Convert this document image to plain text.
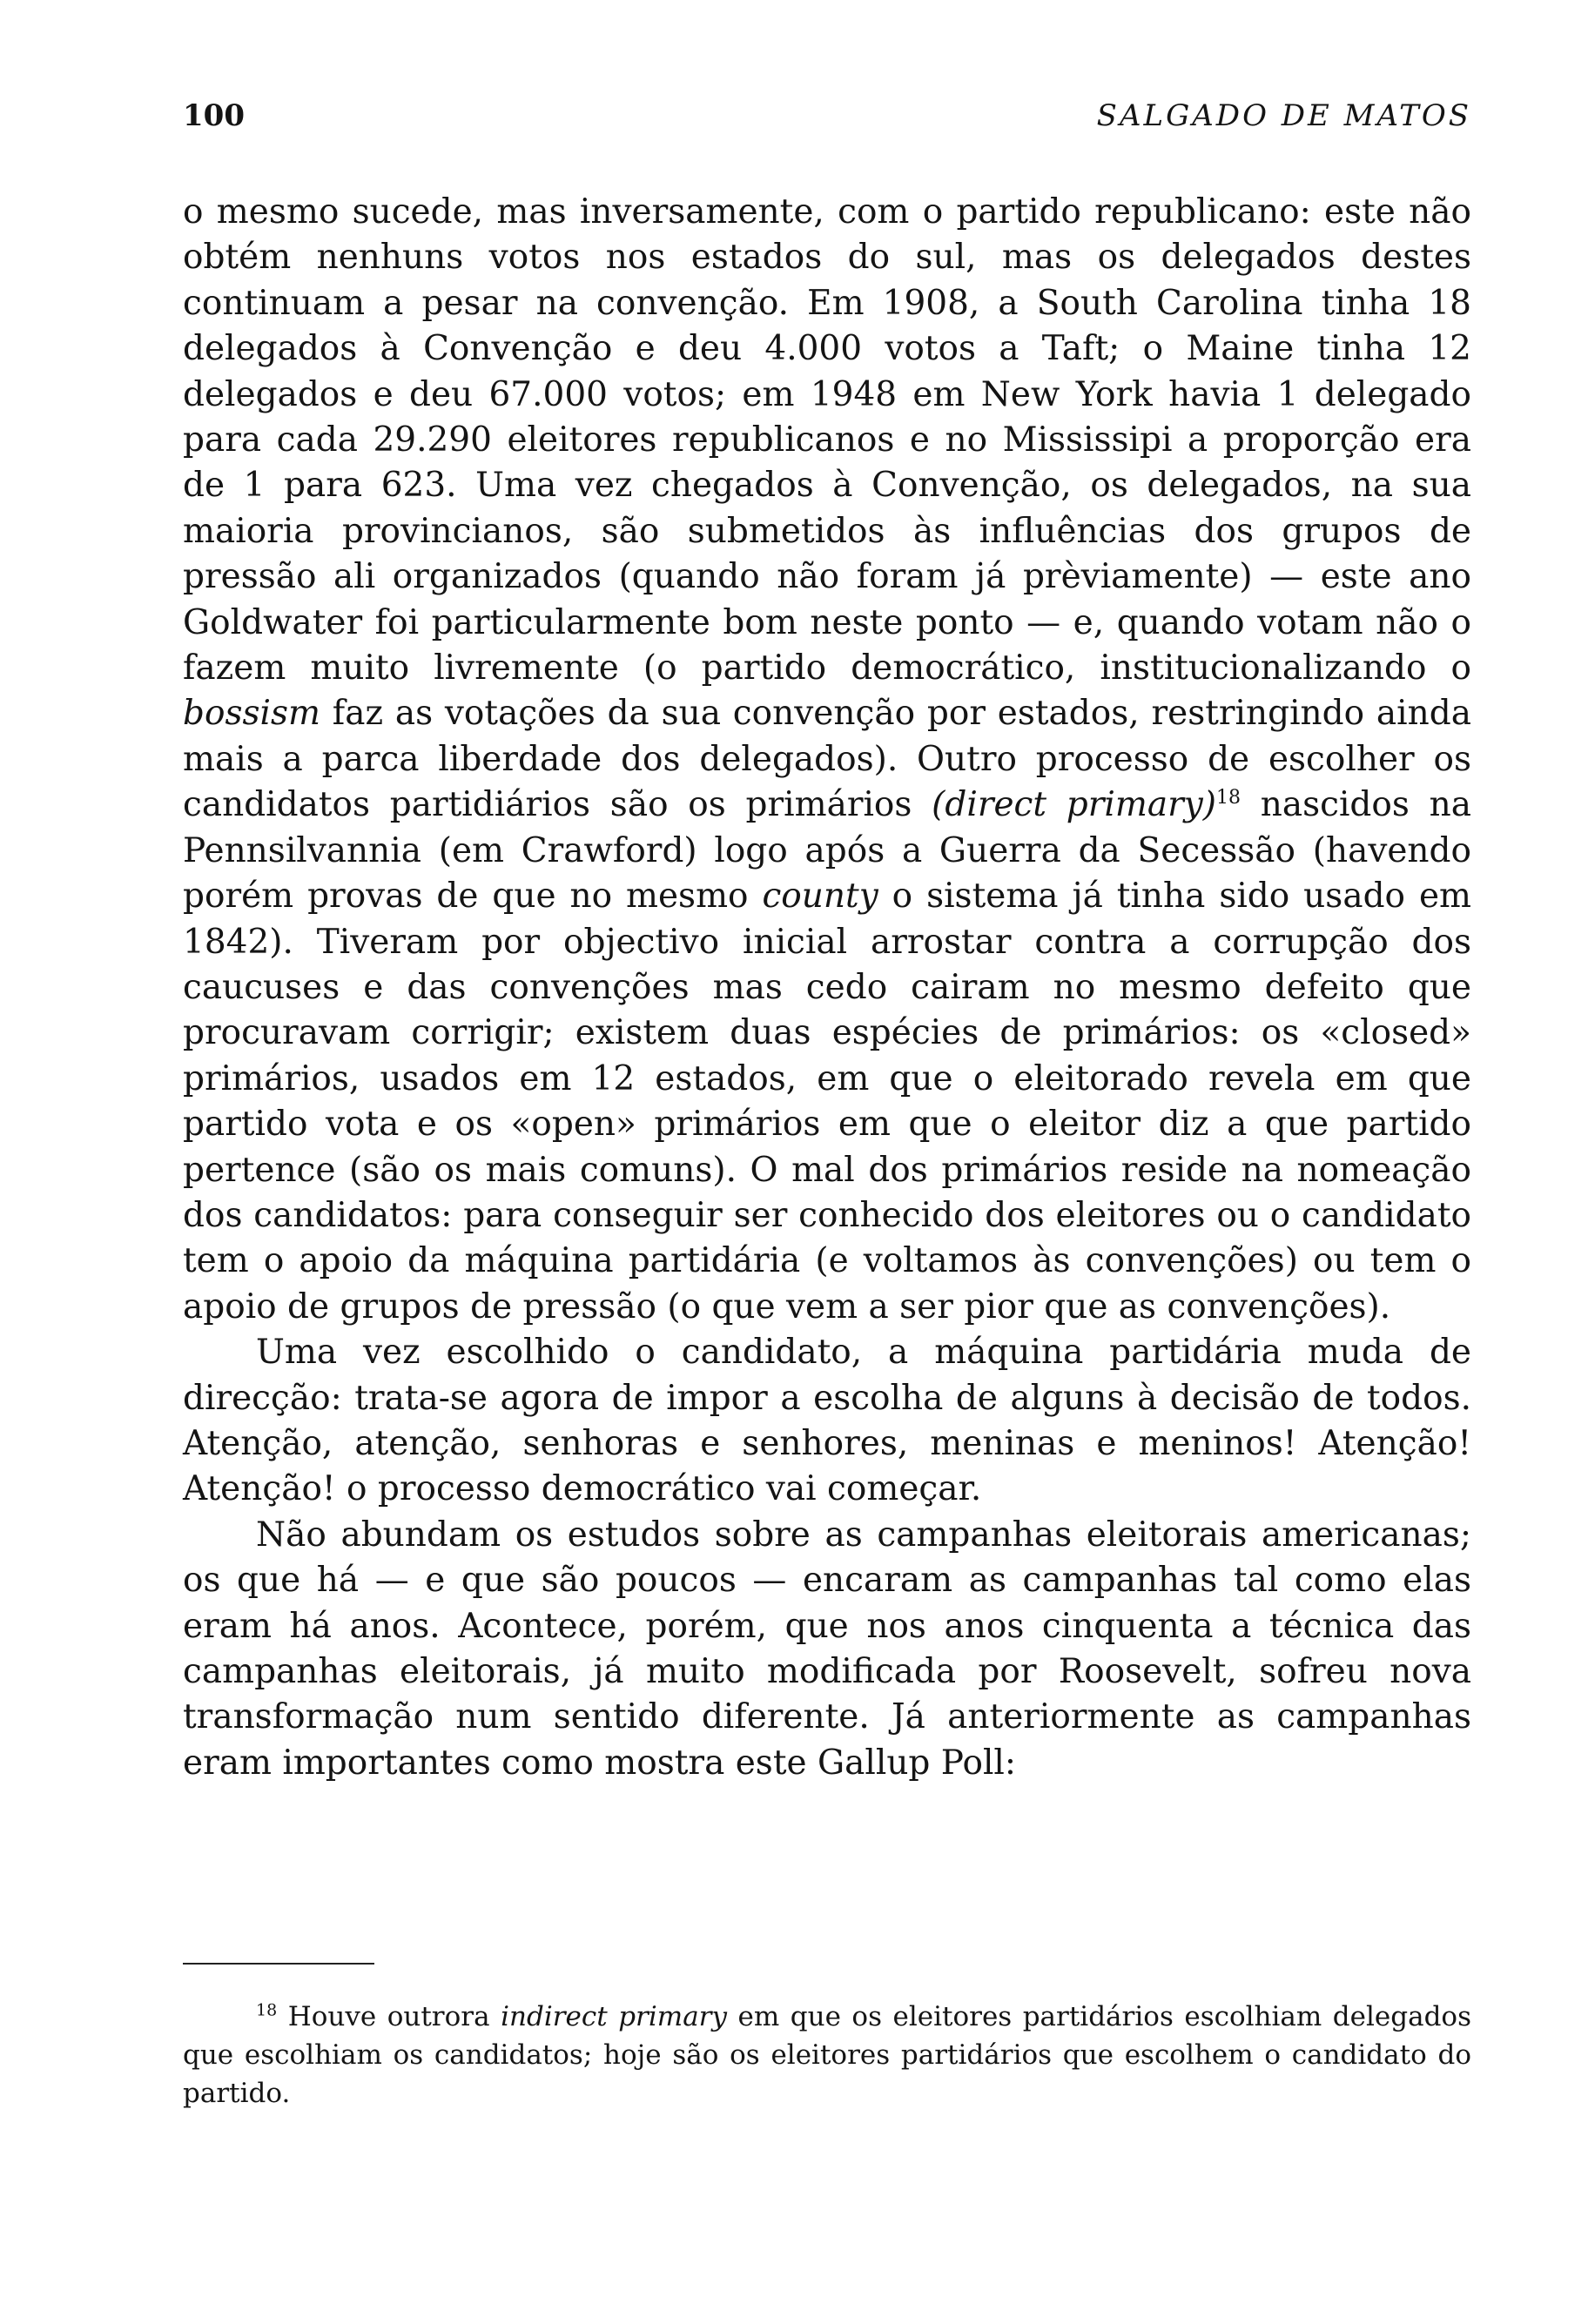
100	SALGADO DE MATOS

o mesmo sucede, mas inversamente, com o partido republicano: este não obtém nenhuns votos nos estados do sul, mas os delegados destes continuam a pesar na convenção. Em 1908, a South Carolina tinha 18 delegados à Convenção e deu 4.000 votos a Taft; o Maine tinha 12 delegados e deu 67.000 votos; em 1948 em New York havia 1 delegado para cada 29.290 eleitores republicanos e no Mississipi a proporção era de 1 para 623. Uma vez chegados à Convenção, os delegados, na sua maioria provincianos, são submetidos às influências dos grupos de pressão ali organizados (quando não foram já prèviamente) — este ano Goldwater foi particularmente bom neste ponto — e, quando votam não o fazem muito livremente (o partido democrático, institucionalizando o bossism faz as votações da sua convenção por estados, restringindo ainda mais a parca liberdade dos delegados). Outro processo de escolher os candidatos partidiários são os primários (direct primary)$^{18}$ nascidos na Pennsilvannia (em Crawford) logo após a Guerra da Secessão (havendo porém provas de que no mesmo county o sistema já tinha sido usado em 1842). Tiveram por objectivo inicial arrostar contra a corrupção dos caucuses e das convenções mas cedo cairam no mesmo defeito que procuravam corrigir; existem duas espécies de primários: os «closed» primários, usados em 12 estados, em que o eleitorado revela em que partido vota e os «open» primários em que o eleitor diz a que partido pertence (são os mais comuns). O mal dos primários reside na nomeação dos candidatos: para conseguir ser conhecido dos eleitores ou o candidato tem o apoio da máquina partidária (e voltamos às convenções) ou tem o apoio de grupos de pressão (o que vem a ser pior que as convenções).

Uma vez escolhido o candidato, a máquina partidária muda de direcção: trata-se agora de impor a escolha de alguns à decisão de todos. Atenção, atenção, senhoras e senhores, meninas e meninos! Atenção! Atenção! o processo democrático vai começar.

Não abundam os estudos sobre as campanhas eleitorais americanas; os que há — e que são poucos — encaram as campanhas tal como elas eram há anos. Acontece, porém, que nos anos cinquenta a técnica das campanhas eleitorais, já muito modificada por Roosevelt, sofreu nova transformação num sentido diferente. Já anteriormente as campanhas eram importantes como mostra este Gallup Poll:

$^{18}$ Houve outrora indirect primary em que os eleitores partidários escolhiam delegados que escolhiam os candidatos; hoje são os eleitores partidários que escolhem o candidato do partido.
